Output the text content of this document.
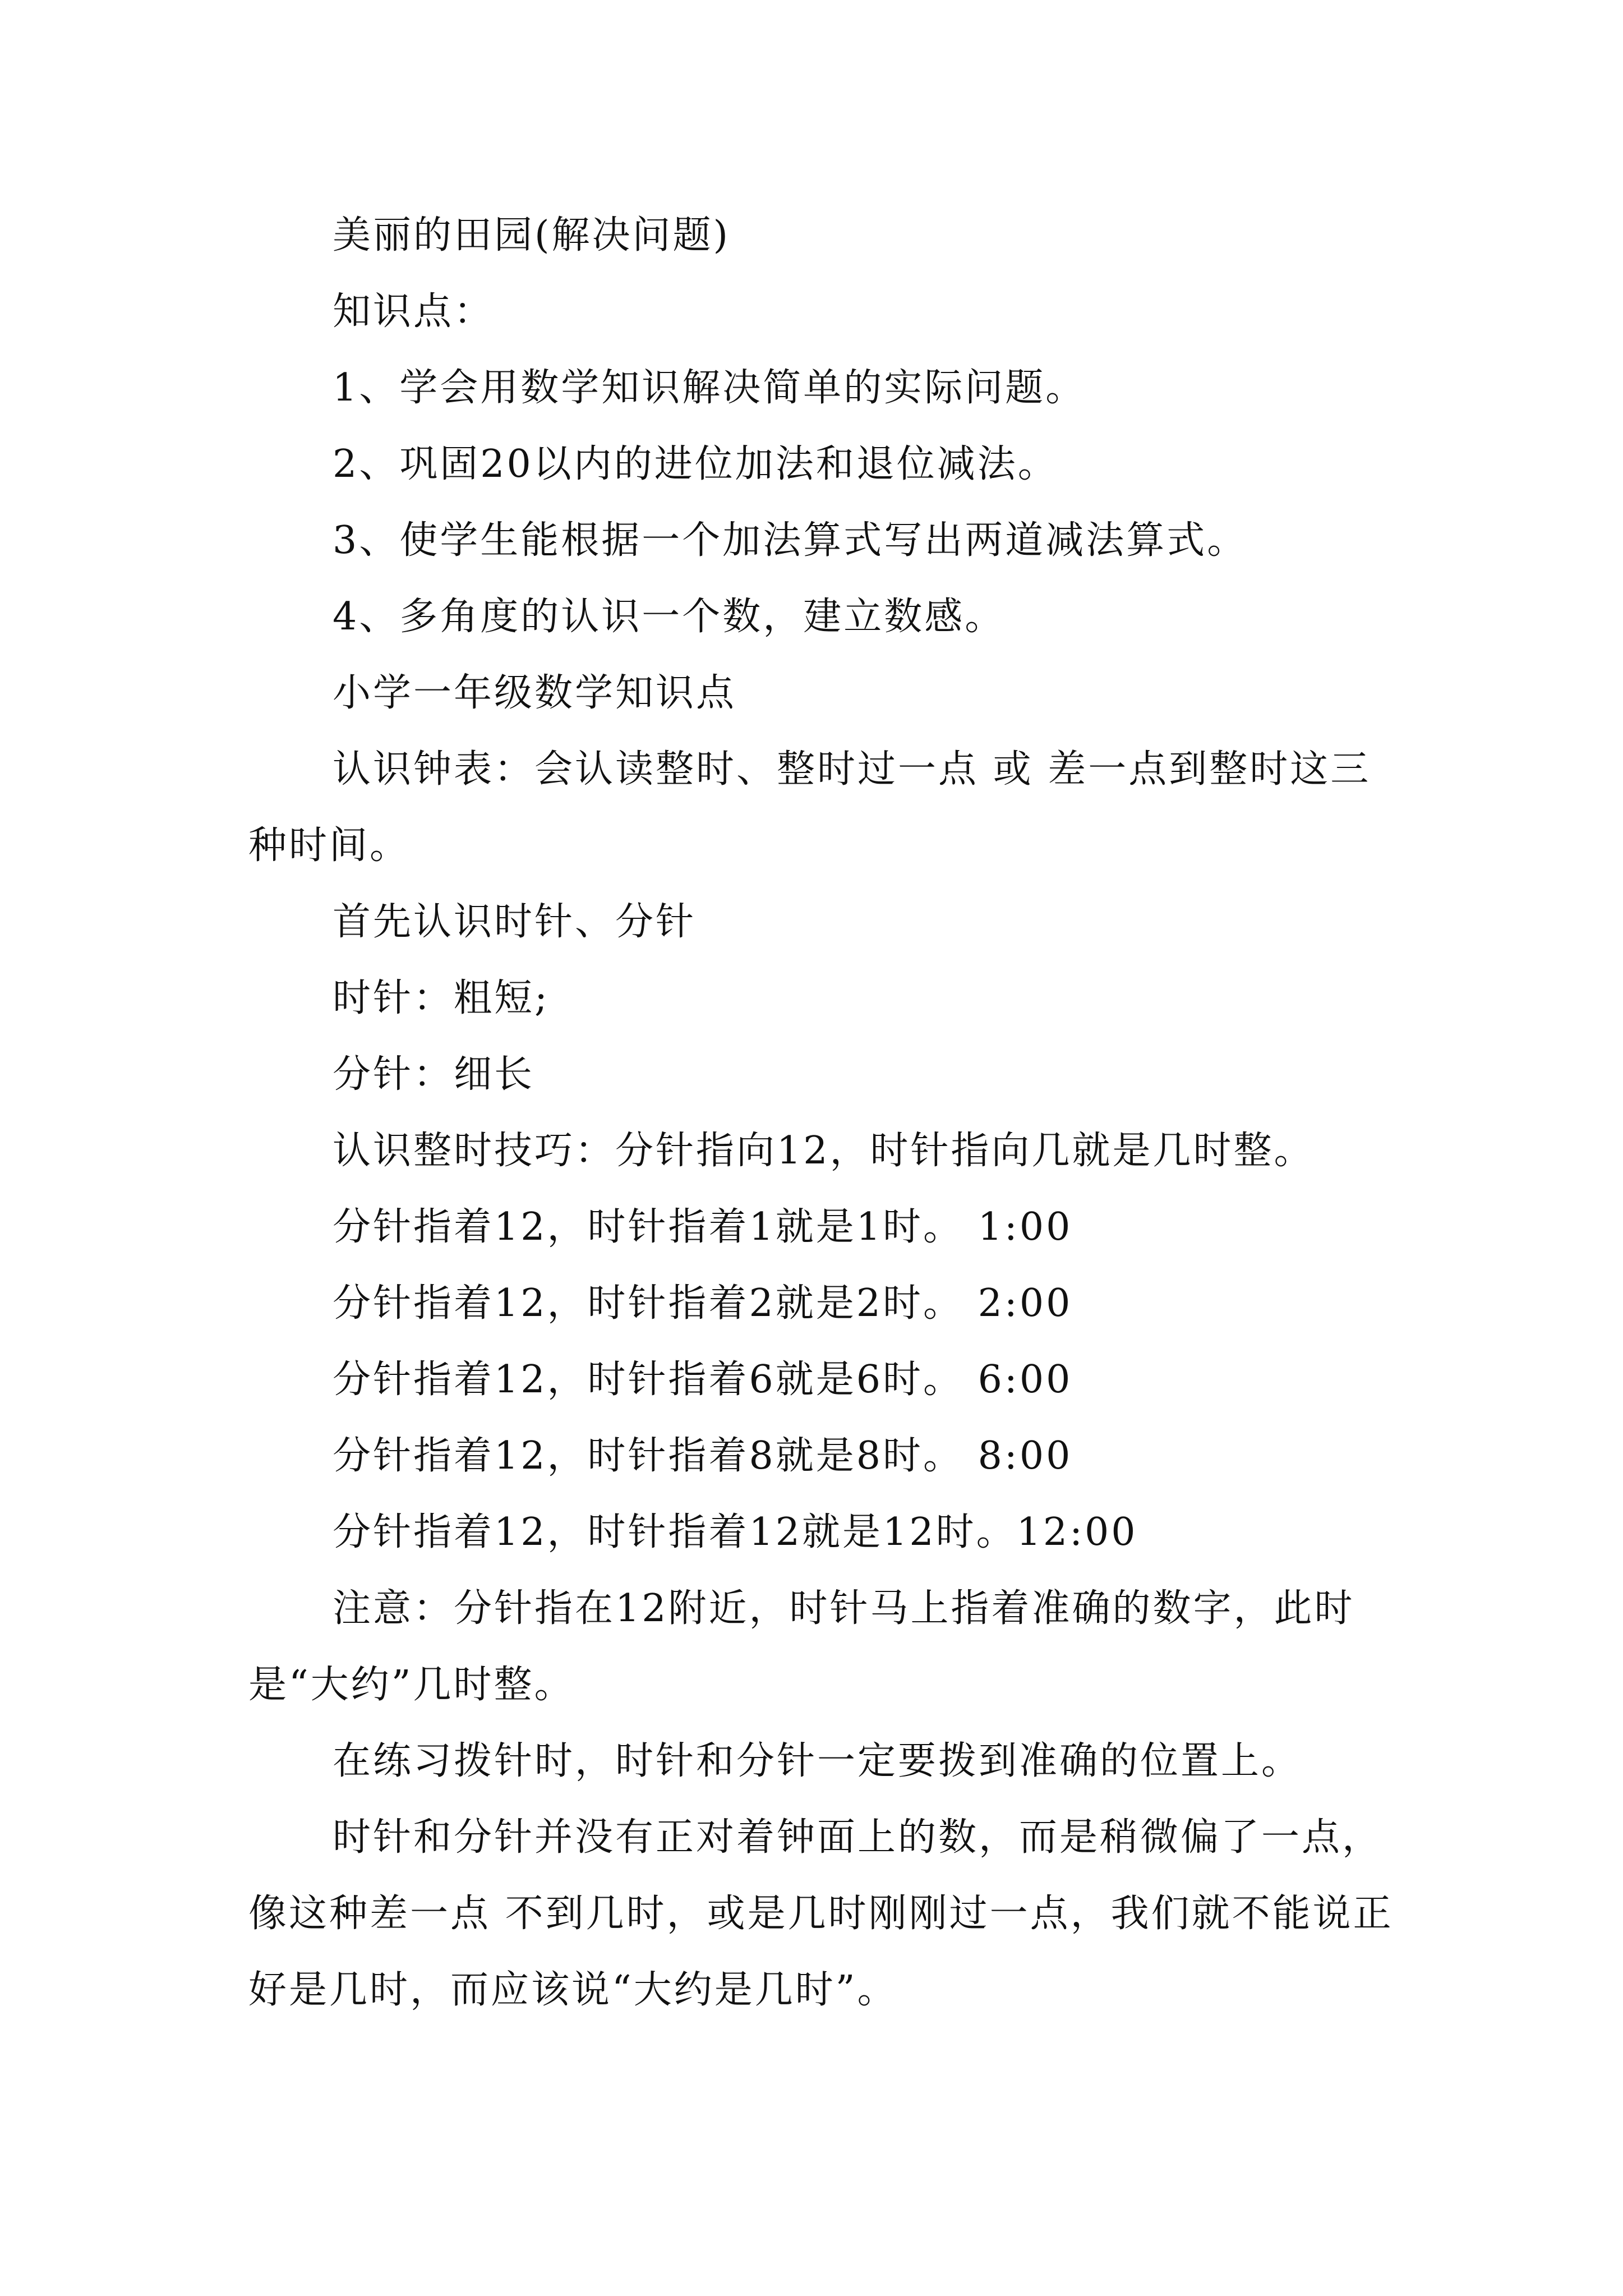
美丽的田园(解决问题)

知识点：

1、学会用数学知识解决简单的实际问题。

2、巩固20以内的进位加法和退位减法。

3、使学生能根据一个加法算式写出两道减法算式。

4、多角度的认识一个数，建立数感。

小学一年级数学知识点

认识钟表：会认读整时、整时过一点 或 差一点到整时这三种时间。

首先认识时针、分针

时针：粗短;

分针：细长

认识整时技巧：分针指向12，时针指向几就是几时整。

分针指着12，时针指着1就是1时。 1:00

分针指着12，时针指着2就是2时。 2:00

分针指着12，时针指着6就是6时。 6:00

分针指着12，时针指着8就是8时。 8:00

分针指着12，时针指着12就是12时。12:00

注意：分针指在12附近，时针马上指着准确的数字，此时是“大约”几时整。

在练习拨针时，时针和分针一定要拨到准确的位置上。

时针和分针并没有正对着钟面上的数，而是稍微偏了一点，像这种差一点 不到几时，或是几时刚刚过一点，我们就不能说正好是几时，而应该说“大约是几时”。
